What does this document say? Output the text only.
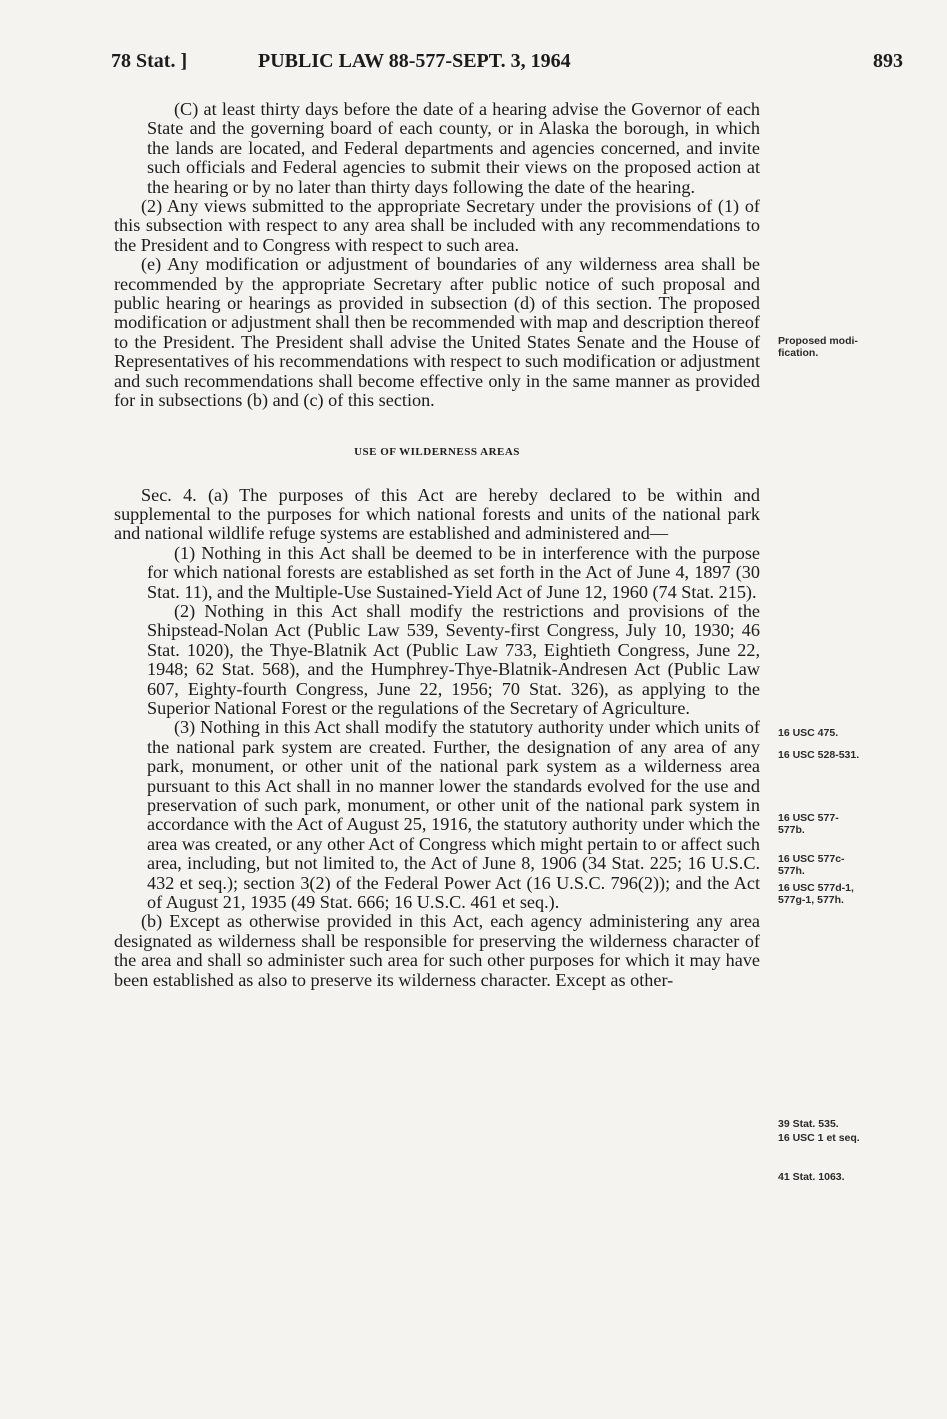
78 Stat. ]	PUBLIC LAW 88-577-SEPT. 3, 1964	893

(C) at least thirty days before the date of a hearing advise the Governor of each State and the governing board of each county, or in Alaska the borough, in which the lands are located, and Federal departments and agencies concerned, and invite such officials and Federal agencies to submit their views on the proposed action at the hearing or by no later than thirty days following the date of the hearing.

(2) Any views submitted to the appropriate Secretary under the provisions of (1) of this subsection with respect to any area shall be included with any recommendations to the President and to Congress with respect to such area.

(e) Any modification or adjustment of boundaries of any wilderness area shall be recommended by the appropriate Secretary after public notice of such proposal and public hearing or hearings as provided in subsection (d) of this section. The proposed modification or adjustment shall then be recommended with map and description thereof to the President. The President shall advise the United States Senate and the House of Representatives of his recommendations with respect to such modification or adjustment and such recommendations shall become effective only in the same manner as provided for in subsections (b) and (c) of this section.

USE OF WILDERNESS AREAS

Sec. 4. (a) The purposes of this Act are hereby declared to be within and supplemental to the purposes for which national forests and units of the national park and national wildlife refuge systems are established and administered and—

(1) Nothing in this Act shall be deemed to be in interference with the purpose for which national forests are established as set forth in the Act of June 4, 1897 (30 Stat. 11), and the Multiple-Use Sustained-Yield Act of June 12, 1960 (74 Stat. 215).

(2) Nothing in this Act shall modify the restrictions and provisions of the Shipstead-Nolan Act (Public Law 539, Seventy-first Congress, July 10, 1930; 46 Stat. 1020), the Thye-Blatnik Act (Public Law 733, Eightieth Congress, June 22, 1948; 62 Stat. 568), and the Humphrey-Thye-Blatnik-Andresen Act (Public Law 607, Eighty-fourth Congress, June 22, 1956; 70 Stat. 326), as applying to the Superior National Forest or the regulations of the Secretary of Agriculture.

(3) Nothing in this Act shall modify the statutory authority under which units of the national park system are created. Further, the designation of any area of any park, monument, or other unit of the national park system as a wilderness area pursuant to this Act shall in no manner lower the standards evolved for the use and preservation of such park, monument, or other unit of the national park system in accordance with the Act of August 25, 1916, the statutory authority under which the area was created, or any other Act of Congress which might pertain to or affect such area, including, but not limited to, the Act of June 8, 1906 (34 Stat. 225; 16 U.S.C. 432 et seq.); section 3(2) of the Federal Power Act (16 U.S.C. 796(2)); and the Act of August 21, 1935 (49 Stat. 666; 16 U.S.C. 461 et seq.).

(b) Except as otherwise provided in this Act, each agency administering any area designated as wilderness shall be responsible for preserving the wilderness character of the area and shall so administer such area for such other purposes for which it may have been established as also to preserve its wilderness character. Except as other-

Proposed modi-
fication.
16 USC 475.
16 USC 528-531.
16 USC 577-
577b.
16 USC 577c-
577h.
16 USC 577d-1,
577g-1, 577h.
39 Stat. 535.
16 USC 1 et seq.
41 Stat. 1063.
